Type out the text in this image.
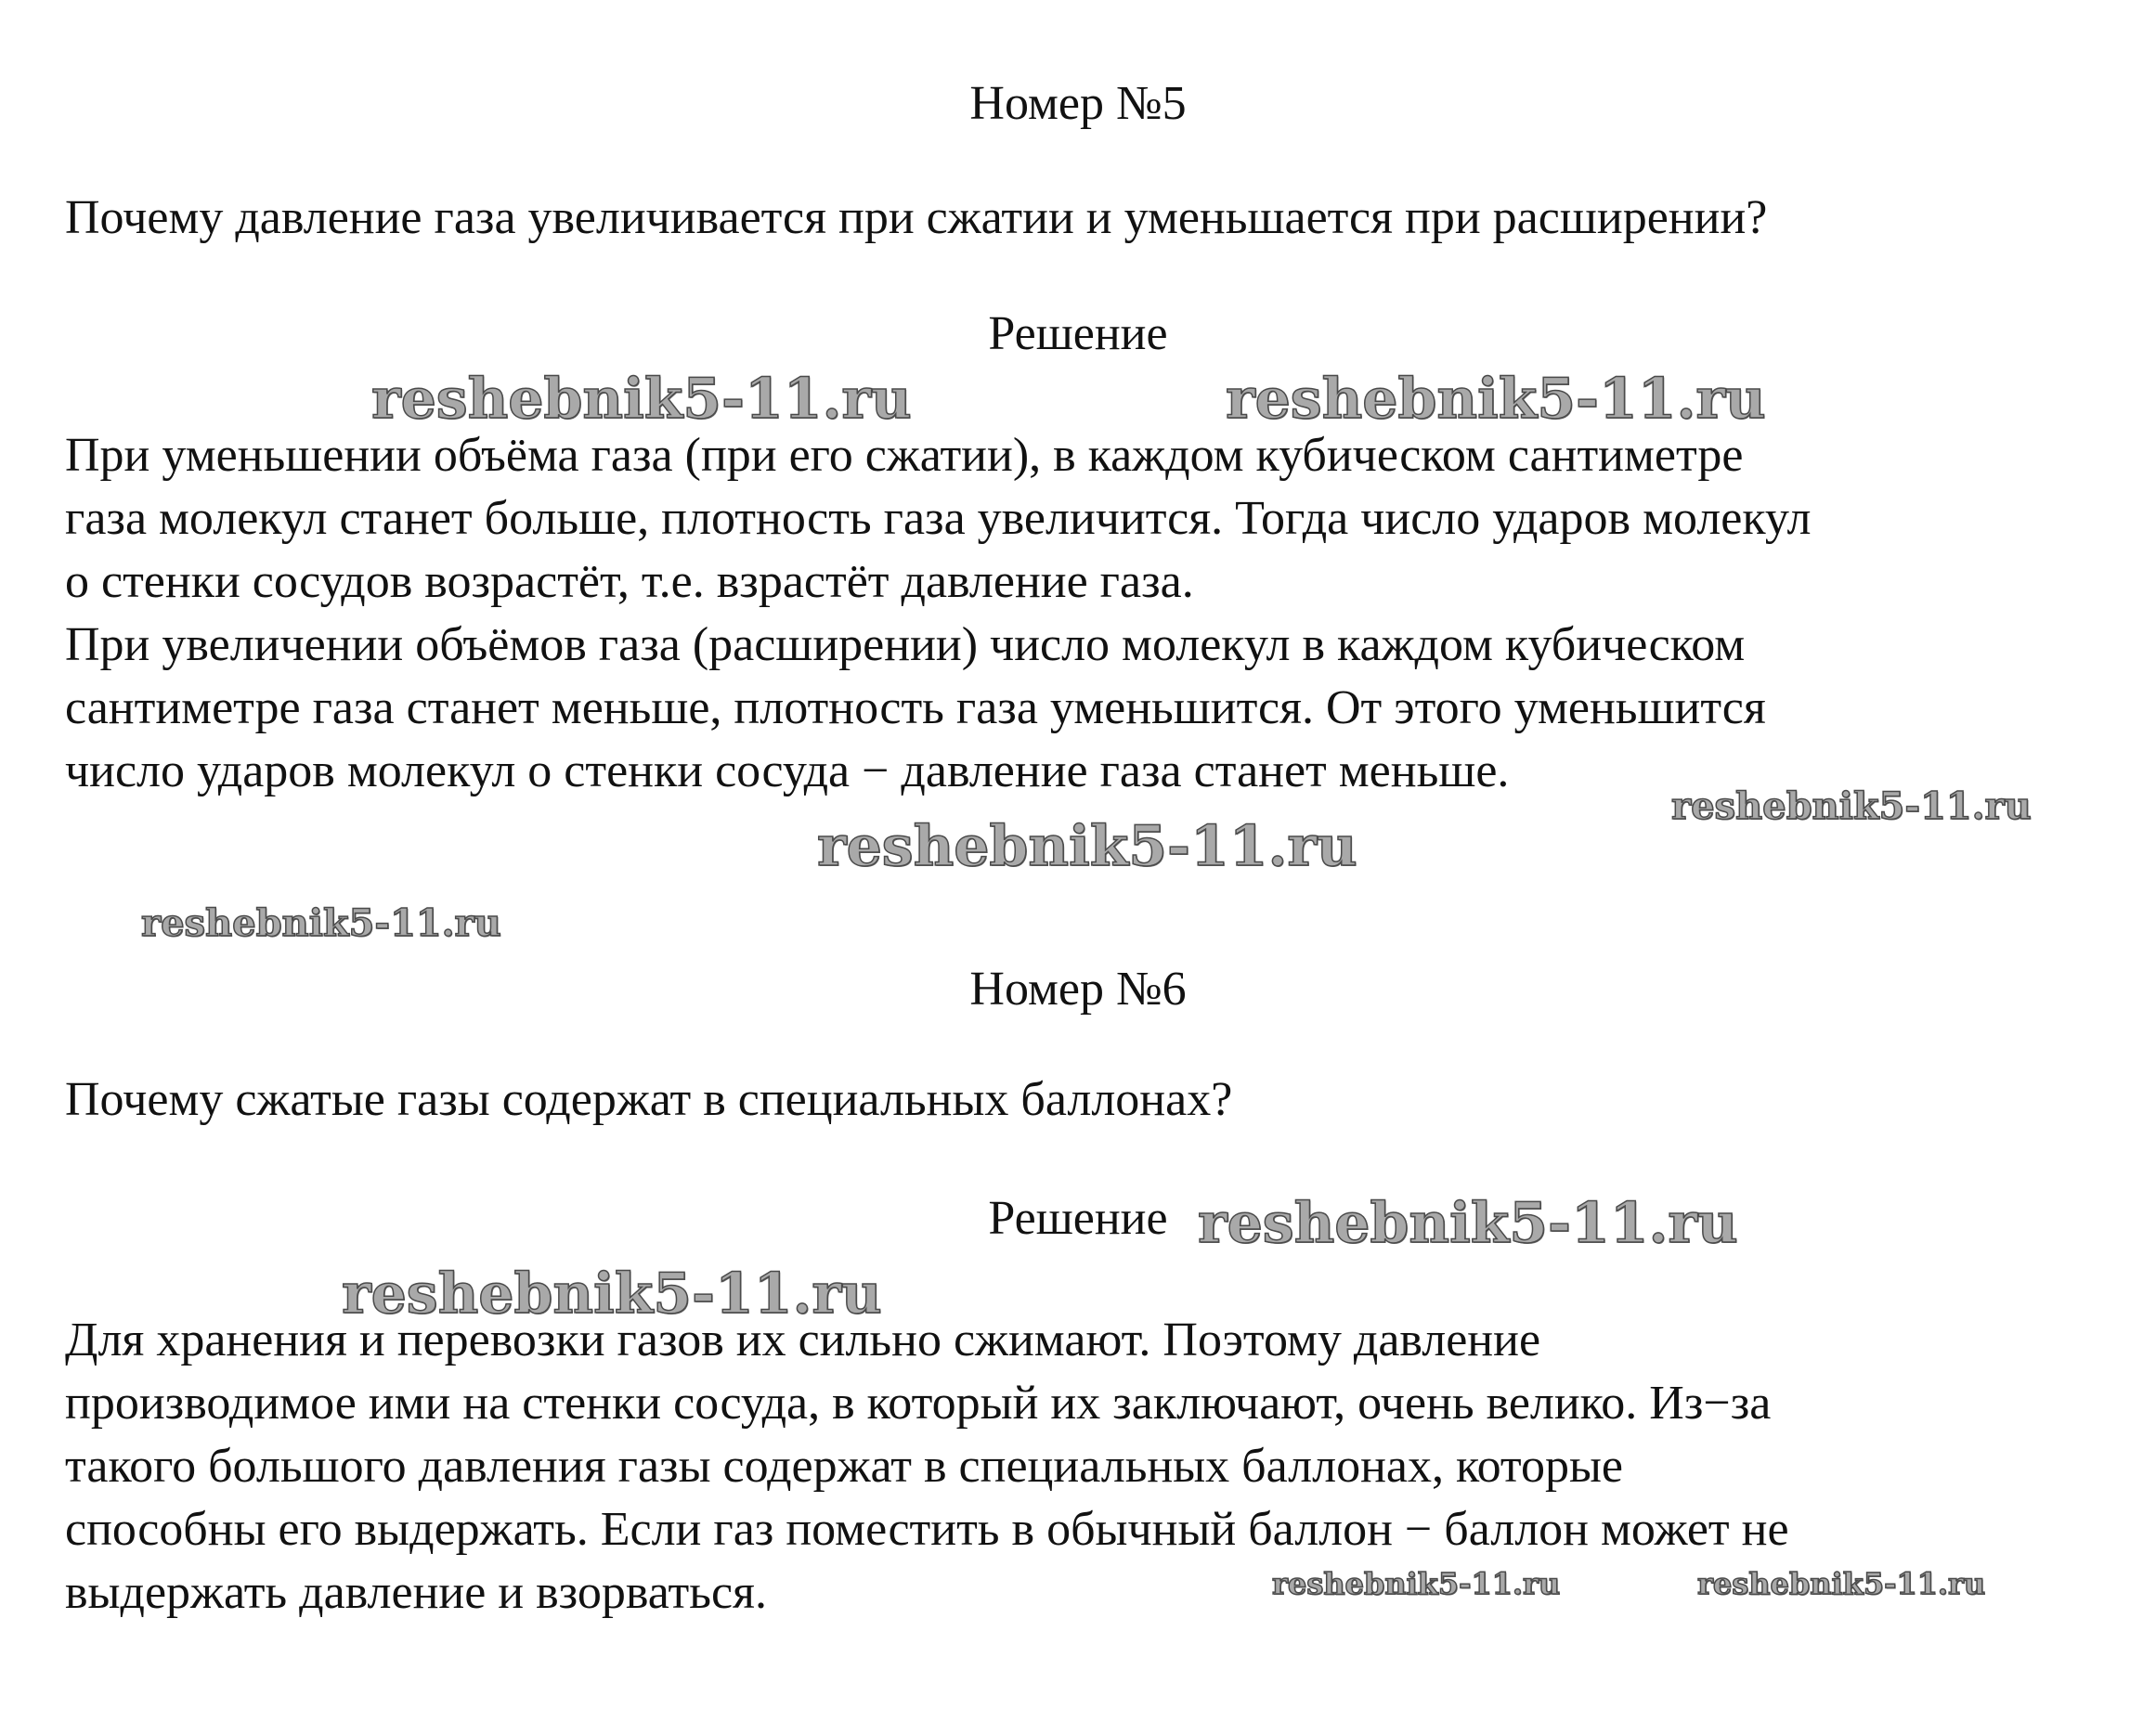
Номер №5
Почему давление газа увеличивается при сжатии и уменьшается при расширении?
Решение
При уменьшении объёма газа (при его сжатии), в каждом кубическом сантиметре
газа молекул станет больше, плотность газа увеличится. Тогда число ударов молекул
о стенки сосудов возрастёт, т.е. взрастёт давление газа.
При увеличении объёмов газа (расширении) число молекул в каждом кубическом
сантиметре газа станет меньше, плотность газа уменьшится. От этого уменьшится
число ударов молекул о стенки сосуда − давление газа станет меньше.
Номер №6
Почему сжатые газы содержат в специальных баллонах?
Решение
Для хранения и перевозки газов их сильно сжимают. Поэтому давление
производимое ими на стенки сосуда, в который их заключают, очень велико. Из−за
такого большого давления газы содержат в специальных баллонах, которые
способны его выдержать. Если газ поместить в обычный баллон − баллон может не
выдержать давление и взорваться.
reshebnik5-11.ru	reshebnik5-11.ru
reshebnik5-11.ru
reshebnik5-11.ru
reshebnik5-11.ru
reshebnik5-11.ru
reshebnik5-11.ru
reshebnik5-11.ru	reshebnik5-11.ru
